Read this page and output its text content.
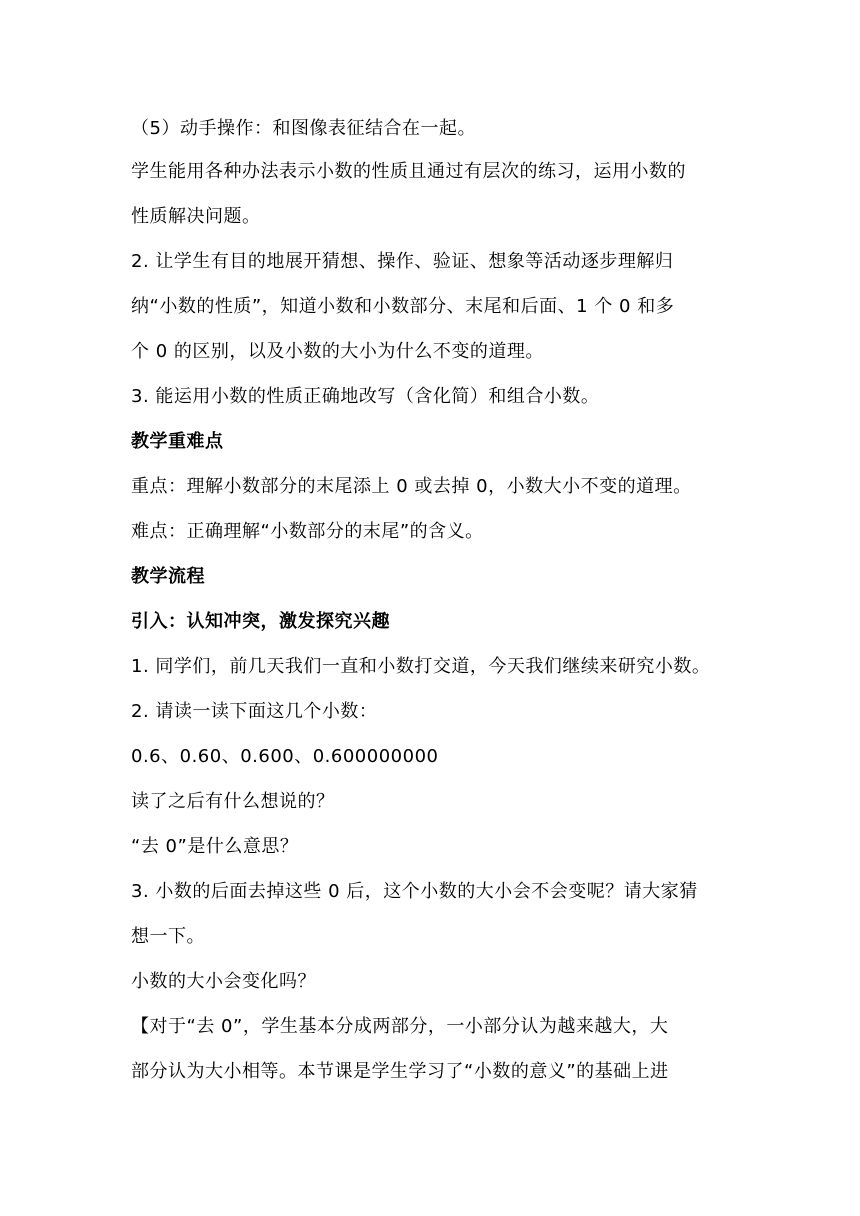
（5）动手操作：和图像表征结合在一起。
学生能用各种办法表示小数的性质且通过有层次的练习，运用小数的
性质解决问题。
2. 让学生有目的地展开猜想、操作、验证、想象等活动逐步理解归
纳“小数的性质”，知道小数和小数部分、末尾和后面、1 个 0 和多
个 0 的区别，以及小数的大小为什么不变的道理。
3. 能运用小数的性质正确地改写（含化简）和组合小数。
教学重难点
重点：理解小数部分的末尾添上 0 或去掉 0，小数大小不变的道理。
难点：正确理解“小数部分的末尾”的含义。
教学流程
引入：认知冲突，激发探究兴趣
1. 同学们，前几天我们一直和小数打交道，今天我们继续来研究小数。
2. 请读一读下面这几个小数：
0.6、0.60、0.600、0.600000000
读了之后有什么想说的？
“去 0”是什么意思？
3. 小数的后面去掉这些 0 后，这个小数的大小会不会变呢？请大家猜
想一下。
小数的大小会变化吗？
【对于“去 0”，学生基本分成两部分，一小部分认为越来越大，大
部分认为大小相等。本节课是学生学习了“小数的意义”的基础上进
